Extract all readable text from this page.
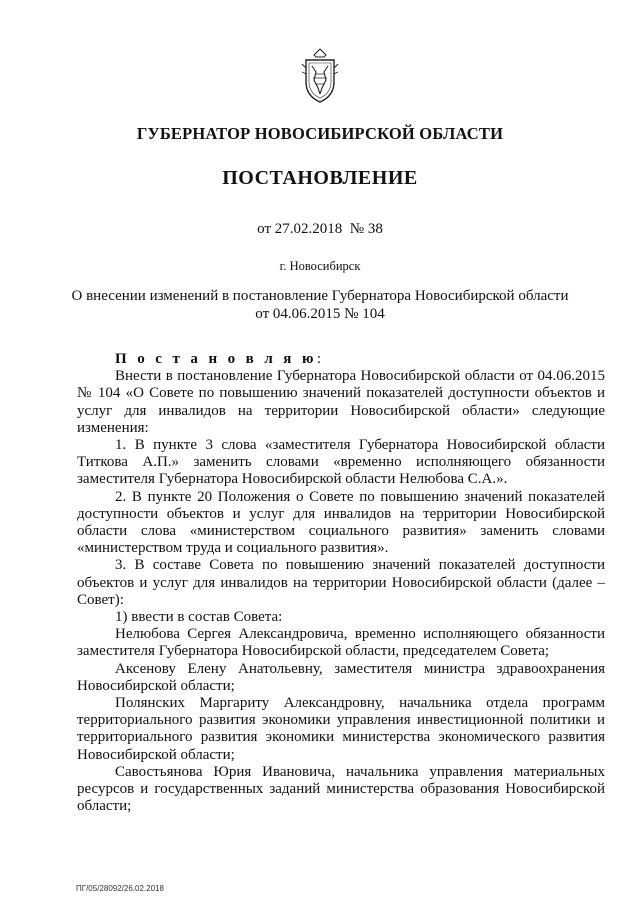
ГУБЕРНАТОР НОВОСИБИРСКОЙ ОБЛАСТИ
ПОСТАНОВЛЕНИЕ
от 27.02.2018  № 38
г. Новосибирск
О внесении изменений в постановление Губернатора Новосибирской области
от 04.06.2015 № 104

П о с т а н о в л я ю:

Внести в постановление Губернатора Новосибирской области от 04.06.2015 № 104 «О Совете по повышению значений показателей доступности объектов и услуг для инвалидов на территории Новосибирской области» следующие изменения:

1. В пункте 3 слова «заместителя Губернатора Новосибирской области Титкова А.П.» заменить словами «временно исполняющего обязанности заместителя Губернатора Новосибирской области Нелюбова С.А.».

2. В пункте 20 Положения о Совете по повышению значений показателей доступности объектов и услуг для инвалидов на территории Новосибирской области слова «министерством социального развития» заменить словами «министерством труда и социального развития».

3. В составе Совета по повышению значений показателей доступности объектов и услуг для инвалидов на территории Новосибирской области (далее – Совет):

1) ввести в состав Совета:

Нелюбова Сергея Александровича, временно исполняющего обязанности заместителя Губернатора Новосибирской области, председателем Совета;

Аксенову Елену Анатольевну, заместителя министра здравоохранения Новосибирской области;

Полянских Маргариту Александровну, начальника отдела программ территориального развития экономики управления инвестиционной политики и территориального развития экономики министерства экономического развития Новосибирской области;

Савостьянова Юрия Ивановича, начальника управления материальных ресурсов и государственных заданий министерства образования Новосибирской области;

ПГ/05/28092/26.02.2018
